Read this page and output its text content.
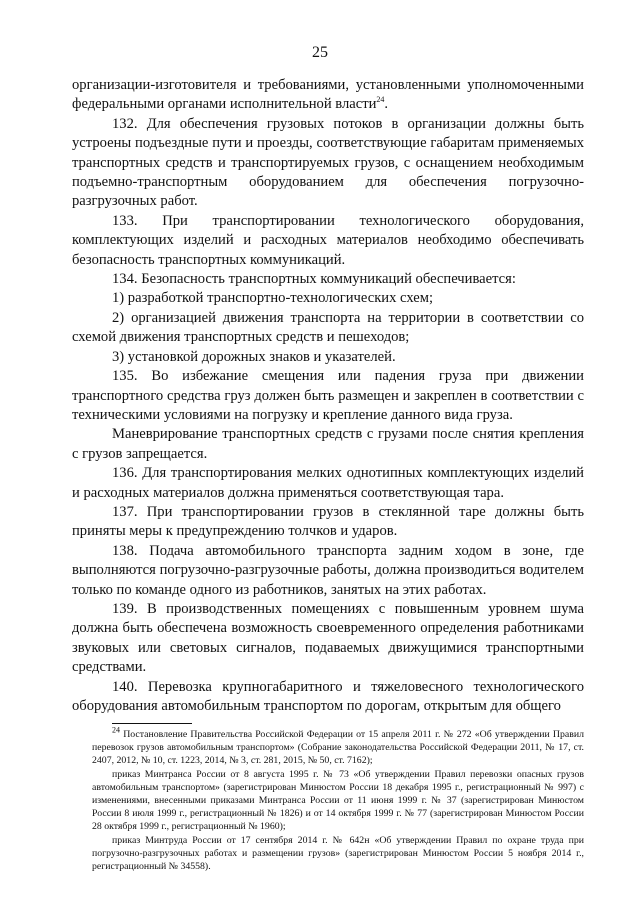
25

организации-изготовителя и требованиями, установленными уполномоченными федеральными органами исполнительной власти$^{24}$.

132. Для обеспечения грузовых потоков в организации должны быть устроены подъездные пути и проезды, соответствующие габаритам применяемых транспортных средств и транспортируемых грузов, с оснащением необходимым подъемно-транспортным оборудованием для обеспечения погрузочно-разгрузочных работ.

133. При транспортировании технологического оборудования, комплектующих изделий и расходных материалов необходимо обеспечивать безопасность транспортных коммуникаций.

134. Безопасность транспортных коммуникаций обеспечивается:

1) разработкой транспортно-технологических схем;

2) организацией движения транспорта на территории в соответствии со схемой движения транспортных средств и пешеходов;

3) установкой дорожных знаков и указателей.

135. Во избежание смещения или падения груза при движении транспортного средства груз должен быть размещен и закреплен в соответствии с техническими условиями на погрузку и крепление данного вида груза.

Маневрирование транспортных средств с грузами после снятия крепления с грузов запрещается.

136. Для транспортирования мелких однотипных комплектующих изделий и расходных материалов должна применяться соответствующая тара.

137. При транспортировании грузов в стеклянной таре должны быть приняты меры к предупреждению толчков и ударов.

138. Подача автомобильного транспорта задним ходом в зоне, где выполняются погрузочно-разгрузочные работы, должна производиться водителем только по команде одного из работников, занятых на этих работах.

139. В производственных помещениях с повышенным уровнем шума должна быть обеспечена возможность своевременного определения работниками звуковых или световых сигналов, подаваемых движущимися транспортными средствами.

140. Перевозка крупногабаритного и тяжеловесного технологического оборудования автомобильным транспортом по дорогам, открытым для общего

$^{24}$ Постановление Правительства Российской Федерации от 15 апреля 2011 г. № 272 «Об утверждении Правил перевозок грузов автомобильным транспортом» (Собрание законодательства Российской Федерации 2011, № 17, ст. 2407, 2012, № 10, ст. 1223, 2014, № 3, ст. 281, 2015, № 50, ст. 7162);

приказ Минтранса России от 8 августа 1995 г. № 73 «Об утверждении Правил перевозки опасных грузов автомобильным транспортом» (зарегистрирован Минюстом России 18 декабря 1995 г., регистрационный № 997) с изменениями, внесенными приказами Минтранса России от 11 июня 1999 г. № 37 (зарегистрирован Минюстом России 8 июля 1999 г., регистрационный № 1826) и от 14 октября 1999 г. № 77 (зарегистрирован Минюстом России 28 октября 1999 г., регистрационный № 1960);

приказ Минтруда России от 17 сентября 2014 г. № 642н «Об утверждении Правил по охране труда при погрузочно-разгрузочных работах и размещении грузов» (зарегистрирован Минюстом России 5 ноября 2014 г., регистрационный № 34558).
